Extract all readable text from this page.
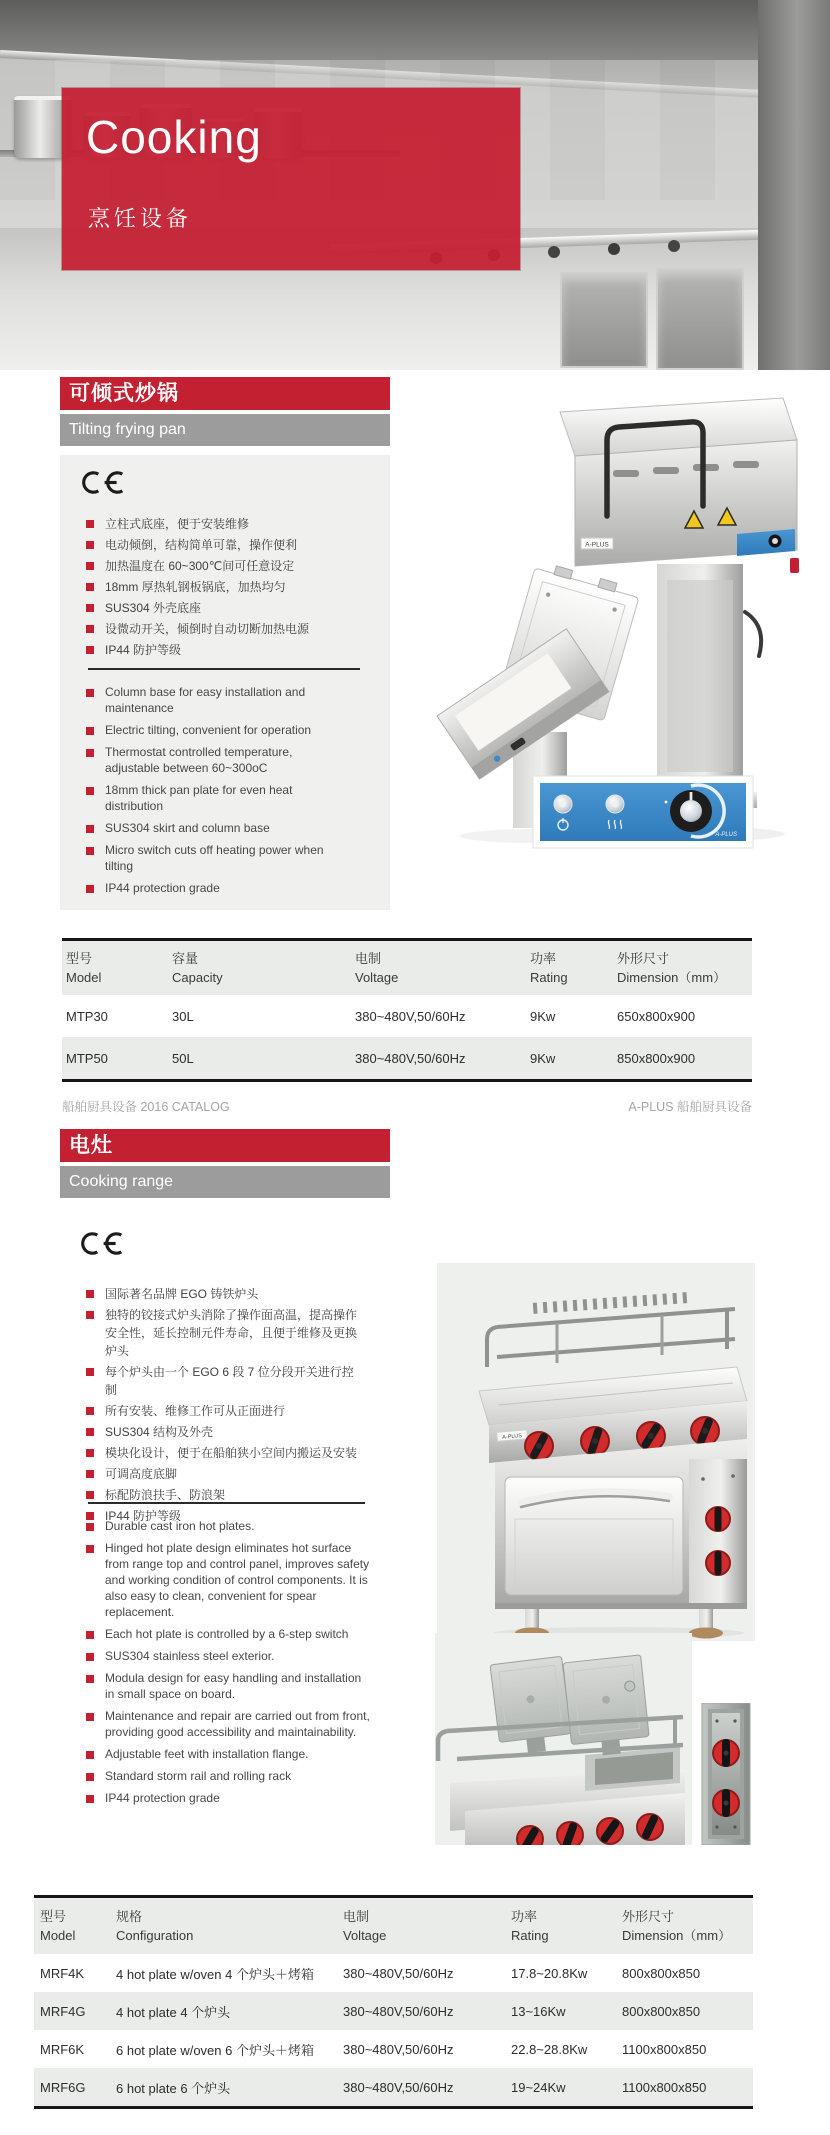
Cooking
烹饪设备
可倾式炒锅
Tilting frying pan
立柱式底座，便于安装维修
电动倾倒，结构简单可靠，操作便利
加热温度在 60~300℃间可任意设定
18mm 厚热轧钢板锅底，加热均匀
SUS304 外壳底座
设微动开关，倾倒时自动切断加热电源
IP44 防护等级
Column base for easy installation and maintenance
Electric tilting, convenient for operation
Thermostat controlled temperature, adjustable between 60~300oC
18mm thick pan plate for even heat distribution
SUS304 skirt and column base
Micro switch cuts off heating power when tilting
IP44 protection grade
A-PLUS
A-PLUS
型号
Model
容量
Capacity
电制
Voltage
功率
Rating
外形尺寸
Dimension（mm）
MTP30	30L	380~480V,50/60Hz	9Kw	650x800x900
MTP50	50L	380~480V,50/60Hz	9Kw	850x800x900
船舶厨具设备 2016 CATALOG	A-PLUS 船舶厨具设备
电灶
Cooking range
国际著名品牌 EGO 铸铁炉头
独特的铰接式炉头消除了操作面高温，提高操作安全性，延长控制元件寿命，且便于维修及更换炉头
每个炉头由一个 EGO 6 段 7 位分段开关进行控制
所有安装、维修工作可从正面进行
SUS304 结构及外壳
模块化设计，便于在船舶狭小空间内搬运及安装
可调高度底脚
标配防浪扶手、防浪架
IP44 防护等级
Durable cast iron hot plates.
Hinged hot plate design eliminates hot surface from range top and control panel, improves safety and working condition of control components. It is also easy to clean, convenient for spear replacement.
Each hot plate is controlled by a 6-step switch
SUS304 stainless steel exterior.
Modula design for easy handling and installation in small space on board.
Maintenance and repair are carried out from front, providing good accessibility and maintainability.
Adjustable feet with installation flange.
Standard storm rail and rolling rack
IP44 protection grade
A-PLUS
型号
Model
规格
Configuration
电制
Voltage
功率
Rating
外形尺寸
Dimension（mm）
MRF4K	4 hot plate w/oven 4 个炉头＋烤箱	380~480V,50/60Hz	17.8~20.8Kw	800x800x850
MRF4G	4 hot plate 4 个炉头	380~480V,50/60Hz	13~16Kw	800x800x850
MRF6K	6 hot plate w/oven 6 个炉头＋烤箱	380~480V,50/60Hz	22.8~28.8Kw	1100x800x850
MRF6G	6 hot plate 6 个炉头	380~480V,50/60Hz	19~24Kw	1100x800x850
